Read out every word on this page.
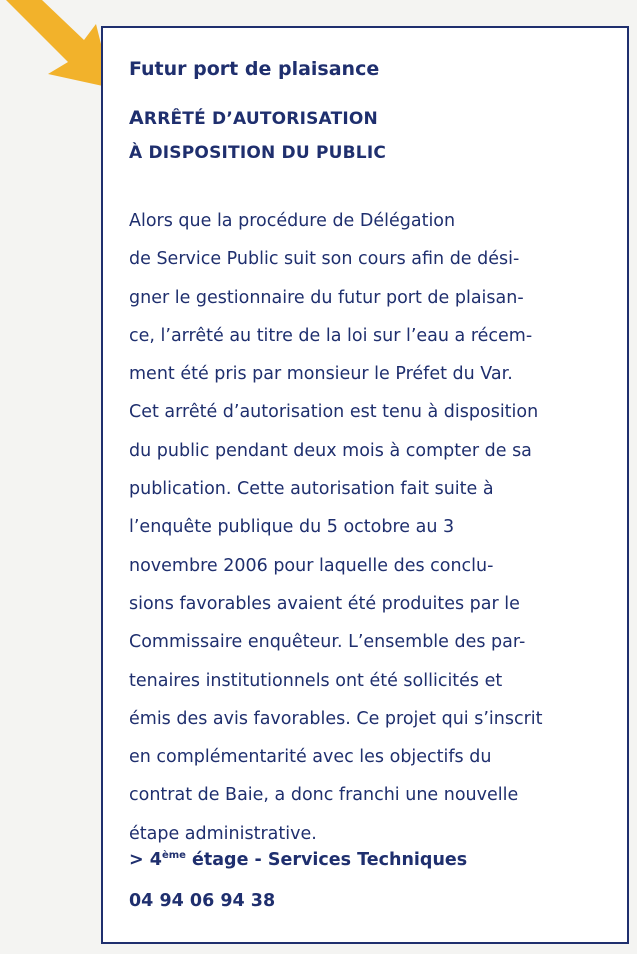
Futur port de plaisance
ARRÊTÉ D’AUTORISATION
À DISPOSITION DU PUBLIC

Alors que la procédure de Délégation
de Service Public suit son cours afin de dési-
gner le gestionnaire du futur port de plaisan-
ce, l’arrêté au titre de la loi sur l’eau a récem-
ment été pris par monsieur le Préfet du Var.
Cet arrêté d’autorisation est tenu à disposition
du public pendant deux mois à compter de sa
publication. Cette autorisation fait suite à
l’enquête publique du 5 octobre au 3
novembre 2006 pour laquelle des conclu-
sions favorables avaient été produites par le
Commissaire enquêteur. L’ensemble des par-
tenaires institutionnels ont été sollicités et
émis des avis favorables. Ce projet qui s’inscrit
en complémentarité avec les objectifs du
contrat de Baie, a donc franchi une nouvelle
étape administrative.

> 4ème étage - Services Techniques
04 94 06 94 38
